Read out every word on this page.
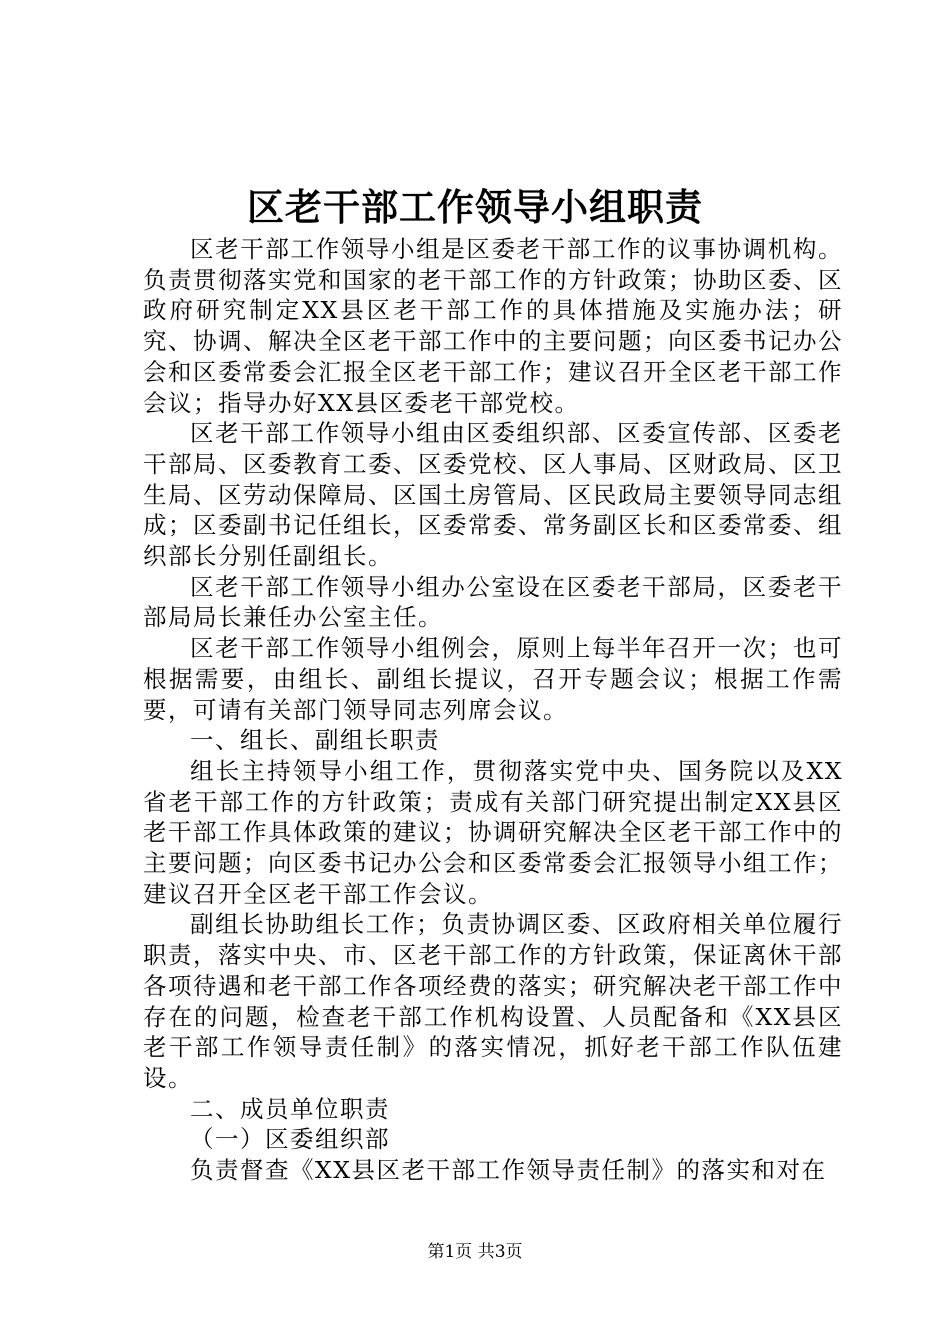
区老干部工作领导小组职责

区老干部工作领导小组是区委老干部工作的议事协调机构。负责贯彻落实党和国家的老干部工作的方针政策；协助区委、区政府研究制定XX县区老干部工作的具体措施及实施办法；研究、协调、解决全区老干部工作中的主要问题；向区委书记办公会和区委常委会汇报全区老干部工作；建议召开全区老干部工作会议；指导办好XX县区委老干部党校。

区老干部工作领导小组由区委组织部、区委宣传部、区委老干部局、区委教育工委、区委党校、区人事局、区财政局、区卫生局、区劳动保障局、区国土房管局、区民政局主要领导同志组成；区委副书记任组长，区委常委、常务副区长和区委常委、组织部长分别任副组长。

区老干部工作领导小组办公室设在区委老干部局，区委老干部局局长兼任办公室主任。

区老干部工作领导小组例会，原则上每半年召开一次；也可根据需要，由组长、副组长提议，召开专题会议；根据工作需要，可请有关部门领导同志列席会议。

一、组长、副组长职责

组长主持领导小组工作，贯彻落实党中央、国务院以及XX省老干部工作的方针政策；责成有关部门研究提出制定XX县区老干部工作具体政策的建议；协调研究解决全区老干部工作中的主要问题；向区委书记办公会和区委常委会汇报领导小组工作；建议召开全区老干部工作会议。

副组长协助组长工作；负责协调区委、区政府相关单位履行职责，落实中央、市、区老干部工作的方针政策，保证离休干部各项待遇和老干部工作各项经费的落实；研究解决老干部工作中存在的问题，检查老干部工作机构设置、人员配备和《XX县区老干部工作领导责任制》的落实情况，抓好老干部工作队伍建设。

二、成员单位职责

（一）区委组织部

负责督查《XX县区老干部工作领导责任制》的落实和对在

第1页 共3页
